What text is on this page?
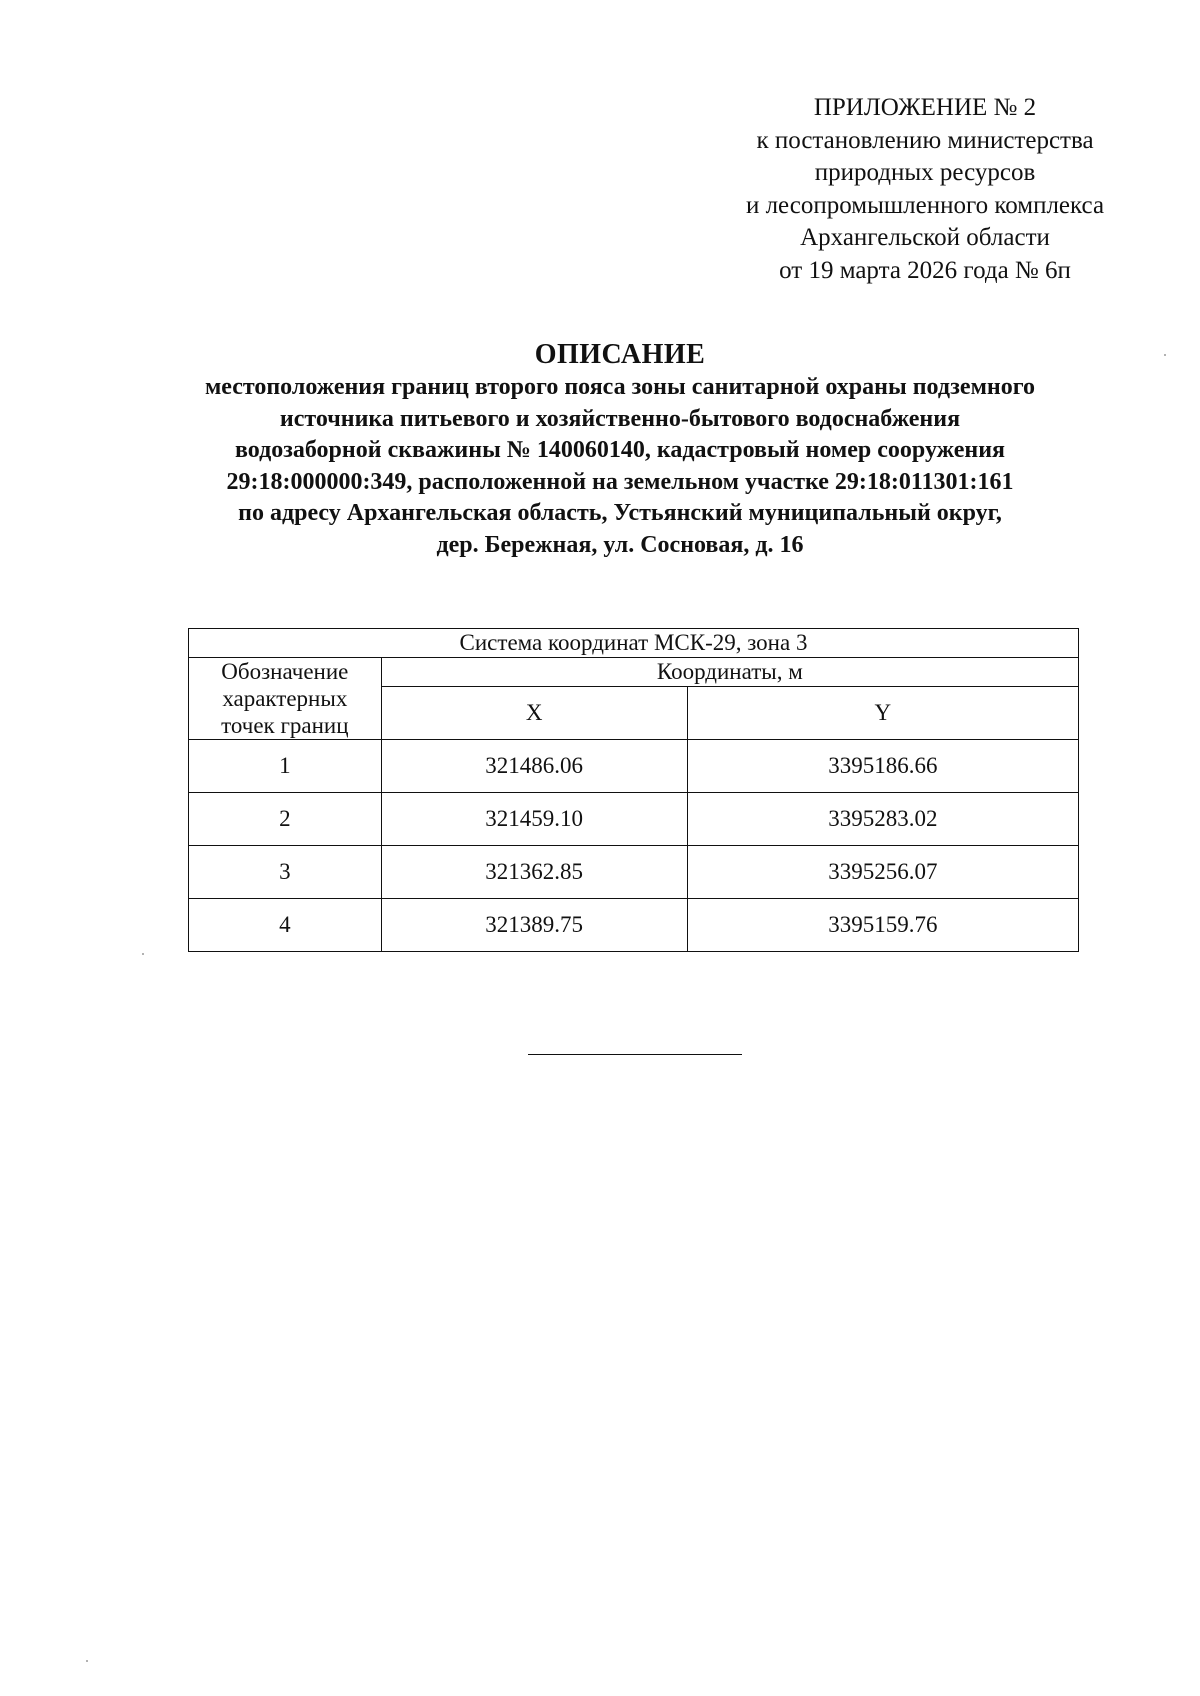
ПРИЛОЖЕНИЕ № 2
к постановлению министерства
природных ресурсов
и лесопромышленного комплекса
Архангельской области
от 19 марта 2026 года № 6п
ОПИСАНИЕ
местоположения границ второго пояса зоны санитарной охраны подземного
источника питьевого и хозяйственно-бытового водоснабжения
водозаборной скважины № 140060140, кадастровый номер сооружения
29:18:000000:349, расположенной на земельном участке 29:18:011301:161
по адресу Архангельская область, Устьянский муниципальный округ,
дер. Бережная, ул. Сосновая, д. 16
Система координат МСК-29, зона 3		

Обозначение
характерных
точек границ	Координаты, м	
	X	Y
1	321486.06	3395186.66
2	321459.10	3395283.02
3	321362.85	3395256.07
4	321389.75	3395159.76
